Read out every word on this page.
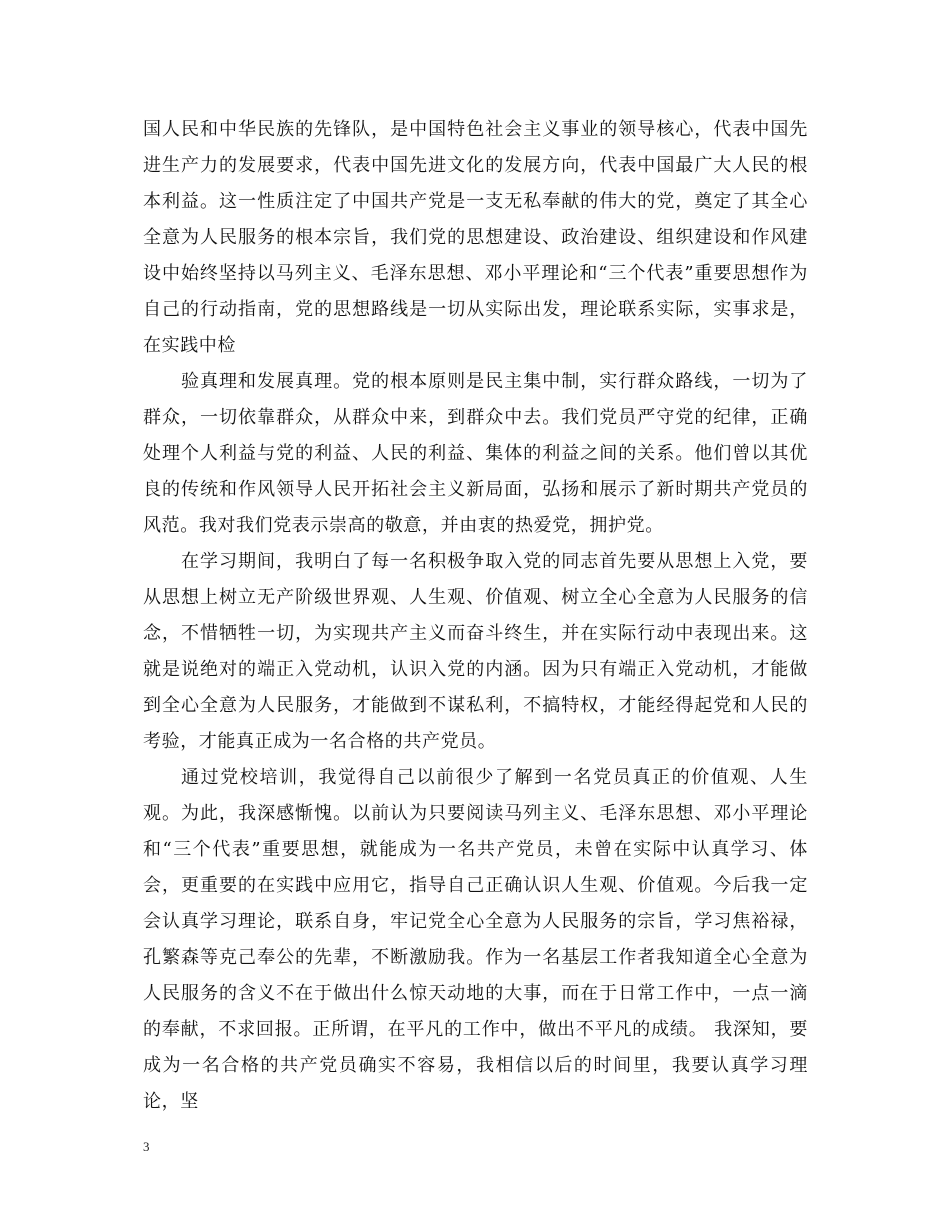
国人民和中华民族的先锋队，是中国特色社会主义事业的领导核心，代表中国先进生产力的发展要求，代表中国先进文化的发展方向，代表中国最广大人民的根本利益。这一性质注定了中国共产党是一支无私奉献的伟大的党，奠定了其全心全意为人民服务的根本宗旨，我们党的思想建设、政治建设、组织建设和作风建设中始终坚持以马列主义、毛泽东思想、邓小平理论和“三个代表”重要思想作为自己的行动指南，党的思想路线是一切从实际出发，理论联系实际，实事求是，在实践中检

验真理和发展真理。党的根本原则是民主集中制，实行群众路线，一切为了群众，一切依靠群众，从群众中来，到群众中去。我们党员严守党的纪律，正确处理个人利益与党的利益、人民的利益、集体的利益之间的关系。他们曾以其优良的传统和作风领导人民开拓社会主义新局面，弘扬和展示了新时期共产党员的风范。我对我们党表示崇高的敬意，并由衷的热爱党，拥护党。

在学习期间，我明白了每一名积极争取入党的同志首先要从思想上入党，要从思想上树立无产阶级世界观、人生观、价值观、树立全心全意为人民服务的信念，不惜牺牲一切，为实现共产主义而奋斗终生，并在实际行动中表现出来。这就是说绝对的端正入党动机，认识入党的内涵。因为只有端正入党动机，才能做到全心全意为人民服务，才能做到不谋私利，不搞特权，才能经得起党和人民的考验，才能真正成为一名合格的共产党员。

通过党校培训，我觉得自己以前很少了解到一名党员真正的价值观、人生观。为此，我深感惭愧。以前认为只要阅读马列主义、毛泽东思想、邓小平理论和“三个代表”重要思想，就能成为一名共产党员，未曾在实际中认真学习、体会，更重要的在实践中应用它，指导自己正确认识人生观、价值观。今后我一定会认真学习理论，联系自身，牢记党全心全意为人民服务的宗旨，学习焦裕禄，孔繁森等克己奉公的先辈，不断激励我。作为一名基层工作者我知道全心全意为人民服务的含义不在于做出什么惊天动地的大事，而在于日常工作中，一点一滴的奉献，不求回报。正所谓，在平凡的工作中，做出不平凡的成绩。 我深知，要成为一名合格的共产党员确实不容易，我相信以后的时间里，我要认真学习理论，坚

3
